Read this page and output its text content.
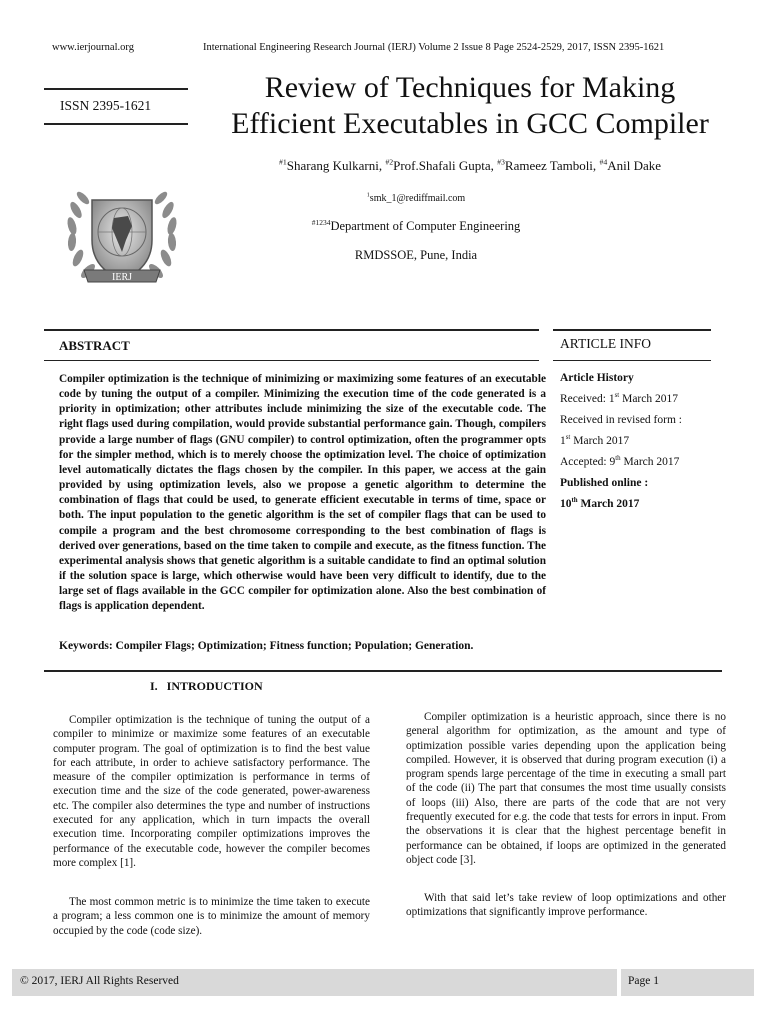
www.ierjournal.org	International Engineering Research Journal (IERJ) Volume 2 Issue 8 Page 2524-2529, 2017, ISSN 2395-1621
ISSN 2395-1621
Review of Techniques for Making
Efficient Executables in GCC Compiler
$^{\#1}$Sharang Kulkarni, $^{\#2}$Prof.Shafali Gupta, $^{\#3}$Rameez Tamboli, $^{\#4}$Anil Dake
$^1$smk_1@rediffmail.com
$^{\#1234}$Department of Computer Engineering
RMDSSOE, Pune, India
IERJ
ABSTRACT	ARTICLE INFO
Compiler optimization is the technique of minimizing or maximizing some features of an executable code by tuning the output of a compiler. Minimizing the execution time of the code generated is a priority in optimization; other attributes include minimizing the size of the executable code. The right flags used during compilation, would provide substantial performance gain. Though, compilers provide a large number of flags (GNU compiler) to control optimization, often the programmer opts for the simpler method, which is to merely choose the optimization level. The choice of optimization level automatically dictates the flags chosen by the compiler. In this paper, we access at the gain provided by using optimization levels, also we propose a genetic algorithm to determine the combination of flags that could be used, to generate efficient executable in terms of time, space or both. The input population to the genetic algorithm is the set of compiler flags that can be used to compile a program and the best chromosome corresponding to the best combination of flags is derived over generations, based on the time taken to compile and execute, as the fitness function. The experimental analysis shows that genetic algorithm is a suitable candidate to find an optimal solution if the solution space is large, which otherwise would have been very difficult to identify, due to the large set of flags available in the GCC compiler for optimization alone. Also the best combination of flags is application dependent.
Keywords: Compiler Flags; Optimization; Fitness function; Population; Generation.
Article History
Received: 1st March 2017
Received in revised form :
1st March 2017
Accepted: 9th March 2017
Published online :
10th March 2017
I.   INTRODUCTION
Compiler optimization is the technique of tuning the output of a compiler to minimize or maximize some features of an executable computer program. The goal of optimization is to find the best value for each attribute, in order to achieve satisfactory performance. The measure of the compiler optimization is performance in terms of execution time and the size of the code generated, power-awareness etc. The compiler also determines the type and number of instructions executed for any application, which in turn impacts the overall execution time. Incorporating compiler optimizations improves the performance of the executable code, however the compiler becomes more complex [1].
The most common metric is to minimize the time taken to execute a program; a less common one is to minimize the amount of memory occupied by the code (code size).
Compiler optimization is a heuristic approach, since there is no general algorithm for optimization, as the amount and type of optimization possible varies depending upon the application being compiled. However, it is observed that during program execution (i) a program spends large percentage of the time in executing a small part of the code (ii) The part that consumes the most time usually consists of loops (iii) Also, there are parts of the code that are not very frequently executed for e.g. the code that tests for errors in input. From the observations it is clear that the highest percentage benefit in performance can be obtained, if loops are optimized in the generated object code [3].
With that said let’s take review of loop optimizations and other optimizations that significantly improve performance.
© 2017, IERJ All Rights Reserved	Page 1
